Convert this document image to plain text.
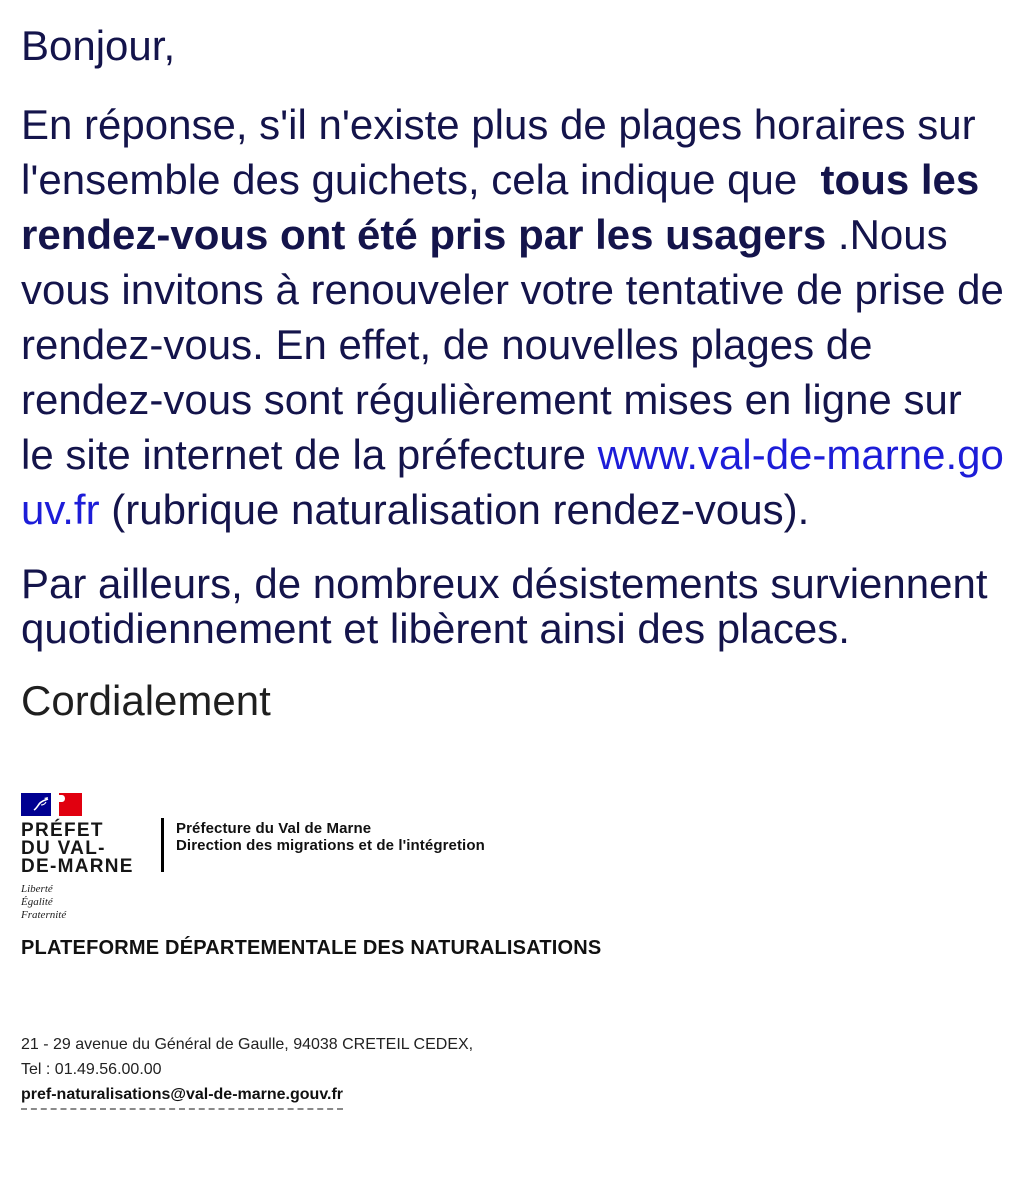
Bonjour,

En réponse, s'il n'existe plus de plages horaires sur l'ensemble des guichets, cela indique que  tous les rendez-vous ont été pris par les usagers .Nous vous invitons à renouveler votre tentative de prise de rendez-vous. En effet, de nouvelles plages de rendez-vous sont régulièrement mises en ligne sur le site internet de la préfecture www.val-de-marne.gouv.fr (rubrique naturalisation rendez-vous).

Par ailleurs, de nombreux désistements surviennent quotidiennement et libèrent ainsi des places.

Cordialement

PRÉFET
DU VAL-
DE-MARNE
Liberté
Égalité
Fraternité
Préfecture du Val de Marne
Direction des migrations et de l'intégretion

PLATEFORME DÉPARTEMENTALE DES NATURALISATIONS

21 - 29 avenue du Général de Gaulle, 94038 CRETEIL CEDEX,

Tel : 01.49.56.00.00

pref-naturalisations@val-de-marne.gouv.fr
